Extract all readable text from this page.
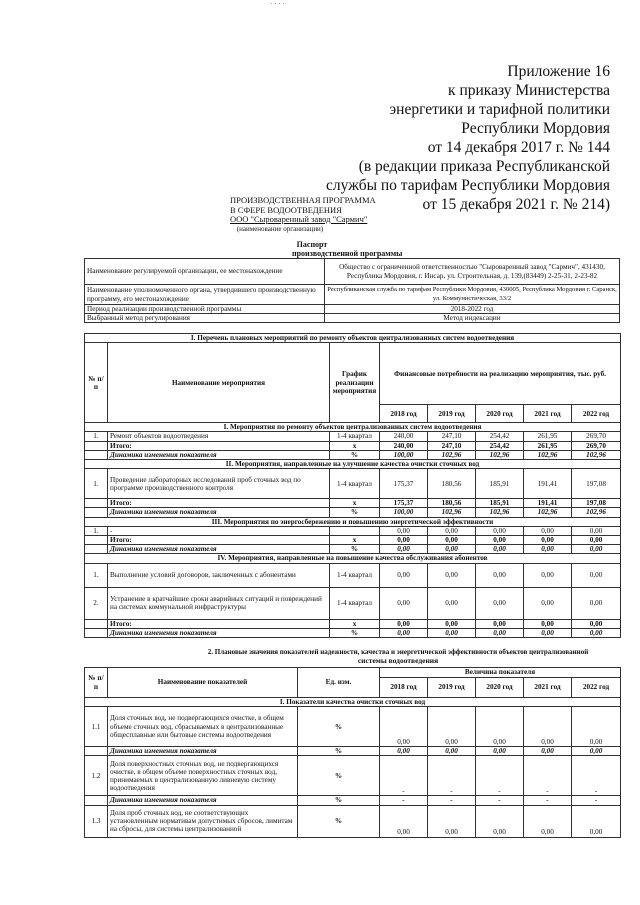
· · · ·
Приложение 16
к приказу Министерства
энергетики и тарифной политики
Республики Мордовия
от 14 декабря 2017 г. № 144
(в редакции приказа Республиканской
службы по тарифам Республики Мордовия
от 15 декабря 2021 г. № 214)
ПРОИЗВОДСТВЕННАЯ ПРОГРАММА
В СФЕРЕ ВОДООТВЕДЕНИЯ
ООО "Сыроваренный завод "Сармич"
(наименование организации)
Паспорт
производственной программы
Наименование регулируемой организации, ее местонахождение	Общество с ограниченной ответственностью "Сыроваренный завод "Сармич", 431430, Республика Мордовия, г. Инсар, ул. Строительная, д. 139,(83449) 2-25-31, 2-23-82
Наименование уполномоченного органа, утвердившего производственную программу, его местонахождение	Республиканская служба по тарифам Республики Мордовия, 430005, Республика Мордовия г. Саранск, ул. Коммунистическая, 33/2
Период реализации производственной программы	2018-2022 год
Выбранный метод регулирования	Метод индексации
I. Перечень плановых мероприятий по ремонту объектов централизованных систем водоотведения							
№ п/п	Наименование мероприятия	График реализации мероприятия	Финансовые потребности на реализацию мероприятия, тыс. руб.				
			2018 год	2019 год	2020 год	2021 год	2022 год
I. Мероприятия по ремонту объектов централизованных систем водоотведения							
1.	Ремонт объектов водоотведения	1-4 квартал	240,00	247,10	254,42	261,95	269,70
	Итого:	x	240,00	247,10	254,42	261,95	269,70
	Динамика изменения показателя	%	100,00	102,96	102,96	102,96	102,96
II. Мероприятия, направленные на улучшение качества очистки сточных вод							
1.	Проведение лабораторных исследований проб сточных вод по программе производственного контроля	1-4 квартал	175,37	180,56	185,91	191,41	197,08
	Итого:	x	175,37	180,56	185,91	191,41	197,08
	Динамика изменения показателя	%	100,00	102,96	102,96	102,96	102,96
III. Мероприятия по энергосбережению и повышению энергетической эффективности							
1.	-		0,00	0,00	0,00	0,00	0,00
	Итого:	x	0,00	0,00	0,00	0,00	0,00
	Динамика изменения показателя	%	0,00	0,00	0,00	0,00	0,00
IV. Мероприятия, направленные на повышение качества обслуживания абонентов							
1.	Выполнение условий договоров, заключенных с абонентами	1-4 квартал	0,00	0,00	0,00	0,00	0,00
2.	Устранение в кратчайшие сроки аварийных ситуаций и повреждений на системах коммунальной инфраструктуры	1-4 квартал	0,00	0,00	0,00	0,00	0,00
	Итого:	x	0,00	0,00	0,00	0,00	0,00
	Динамика изменения показателя	%	0,00	0,00	0,00	0,00	0,00
2. Плановые значения показателей надежности, качества и энергетической эффективности объектов централизованной
системы водоотведения
№ п/п	Наименование показателей	Ед. изм.	Величина показателя				
			2018 год	2019 год	2020 год	2021 год	2022 год
I. Показатели качества очистки сточных вод							
1.1	Доля сточных вод, не подвергающихся очистке, в общем объеме сточных вод, сбрасываемых в централизованные общесплавные или бытовые системы водоотведения	%	0,00	0,00	0,00	0,00	0,00
	Динамика изменения показателя	%	0,00	0,00	0,00	0,00	0,00
1.2	Доля поверхностных сточных вод, не подвергающихся очистке, в общем объеме поверхностных сточных вод, принимаемых в централизованную ливневую систему водоотведения	%	-	-	-	-	-
	Динамика изменения показателя	%	-	-	-	-	-
1.3	Доля проб сточных вод, не соответствующих установленным нормативам допустимых сбросов, лимитам на сбросы, для системы централизованной	%	0,00	0,00	0,00	0,00	0,00
